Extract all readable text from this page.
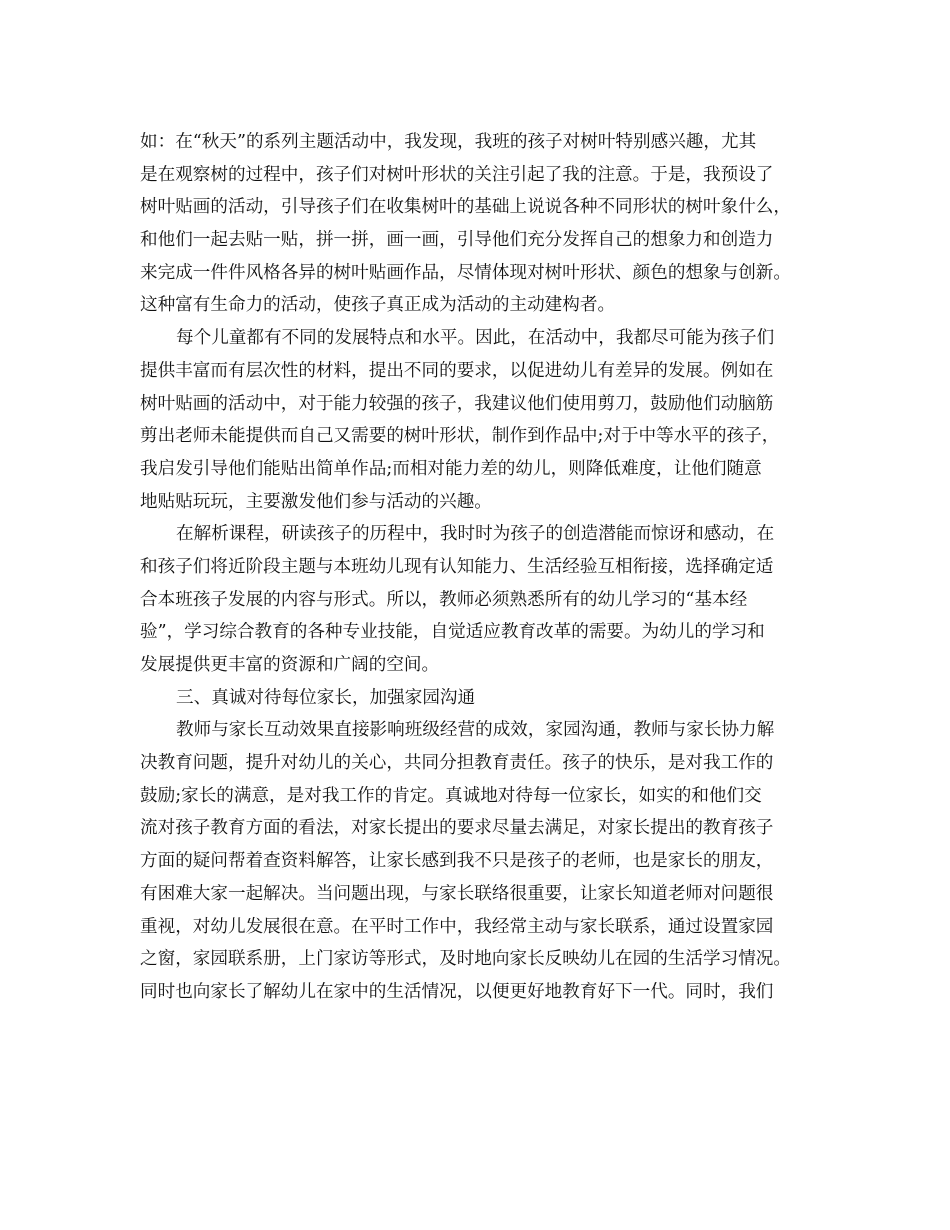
如：在“秋天”的系列主题活动中，我发现，我班的孩子对树叶特别感兴趣，尤其
是在观察树的过程中，孩子们对树叶形状的关注引起了我的注意。于是，我预设了
树叶贴画的活动，引导孩子们在收集树叶的基础上说说各种不同形状的树叶象什么，
和他们一起去贴一贴，拼一拼，画一画，引导他们充分发挥自己的想象力和创造力
来完成一件件风格各异的树叶贴画作品，尽情体现对树叶形状、颜色的想象与创新。
这种富有生命力的活动，使孩子真正成为活动的主动建构者。
每个儿童都有不同的发展特点和水平。因此，在活动中，我都尽可能为孩子们
提供丰富而有层次性的材料，提出不同的要求，以促进幼儿有差异的发展。例如在
树叶贴画的活动中，对于能力较强的孩子，我建议他们使用剪刀，鼓励他们动脑筋
剪出老师未能提供而自己又需要的树叶形状，制作到作品中;对于中等水平的孩子，
我启发引导他们能贴出简单作品;而相对能力差的幼儿，则降低难度，让他们随意
地贴贴玩玩，主要激发他们参与活动的兴趣。
在解析课程，研读孩子的历程中，我时时为孩子的创造潜能而惊讶和感动，在
和孩子们将近阶段主题与本班幼儿现有认知能力、生活经验互相衔接，选择确定适
合本班孩子发展的内容与形式。所以，教师必须熟悉所有的幼儿学习的“基本经
验”，学习综合教育的各种专业技能，自觉适应教育改革的需要。为幼儿的学习和
发展提供更丰富的资源和广阔的空间。
三、真诚对待每位家长，加强家园沟通
教师与家长互动效果直接影响班级经营的成效，家园沟通，教师与家长协力解
决教育问题，提升对幼儿的关心，共同分担教育责任。孩子的快乐，是对我工作的
鼓励;家长的满意，是对我工作的肯定。真诚地对待每一位家长，如实的和他们交
流对孩子教育方面的看法，对家长提出的要求尽量去满足，对家长提出的教育孩子
方面的疑问帮着查资料解答，让家长感到我不只是孩子的老师，也是家长的朋友，
有困难大家一起解决。当问题出现，与家长联络很重要，让家长知道老师对问题很
重视，对幼儿发展很在意。在平时工作中，我经常主动与家长联系，通过设置家园
之窗，家园联系册，上门家访等形式，及时地向家长反映幼儿在园的生活学习情况。
同时也向家长了解幼儿在家中的生活情况，以便更好地教育好下一代。同时，我们
